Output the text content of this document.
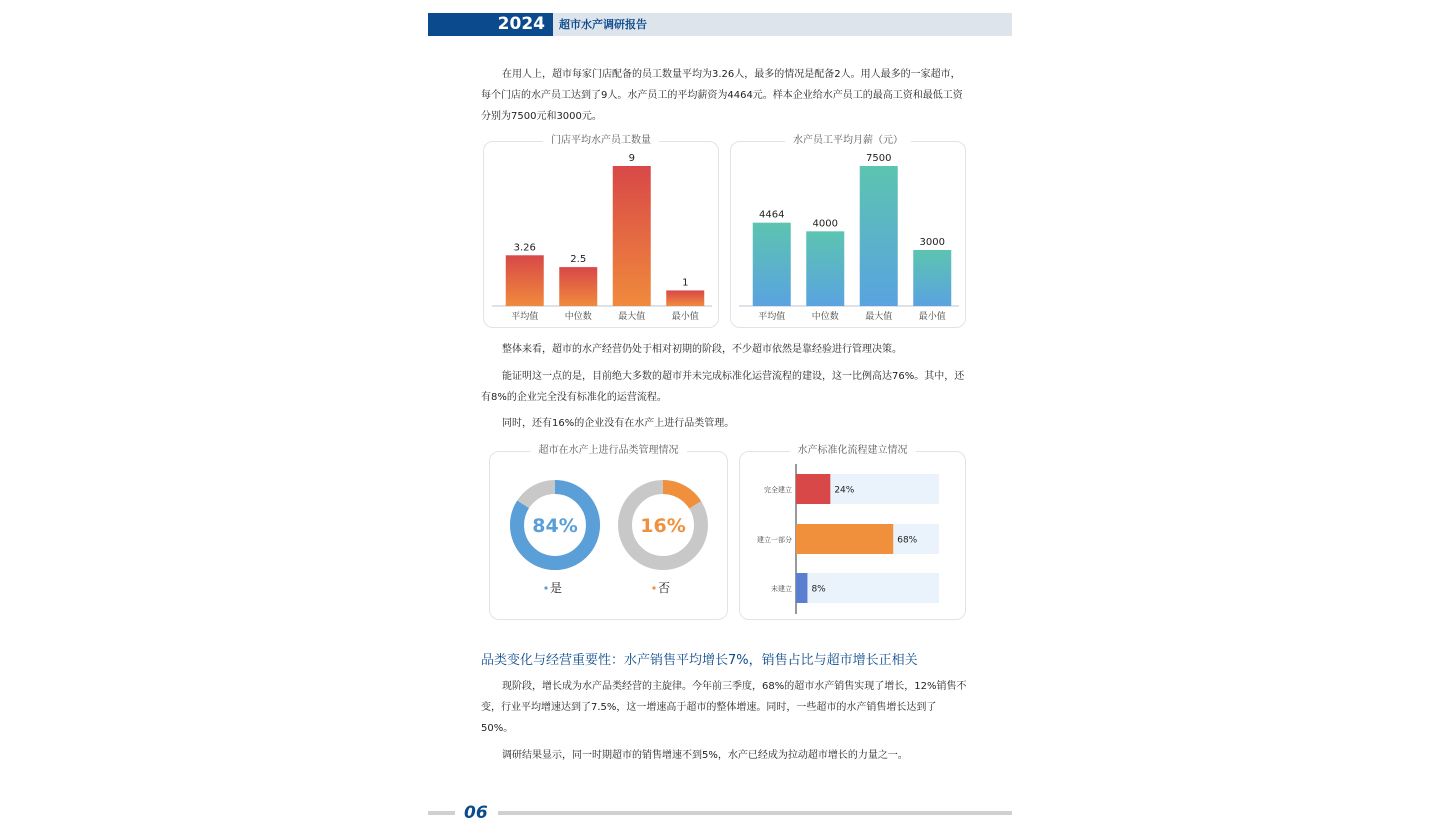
2024	超市水产调研报告

在用人上，超市每家门店配备的员工数量平均为3.26人，最多的情况是配备2人。用人最多的一家超市，每个门店的水产员工达到了9人。水产员工的平均薪资为4464元。样本企业给水产员工的最高工资和最低工资分别为7500元和3000元。

门店平均水产员工数量
3.26
平均值
2.5
中位数
9
最大值
1
最小值
水产员工平均月薪（元）
4464
平均值
4000
中位数
7500
最大值
3000
最小值

整体来看，超市的水产经营仍处于相对初期的阶段，不少超市依然是靠经验进行管理决策。

能证明这一点的是，目前绝大多数的超市并未完成标准化运营流程的建设，这一比例高达76%。其中，还有8%的企业完全没有标准化的运营流程。

同时，还有16%的企业没有在水产上进行品类管理。

超市在水产上进行品类管理情况
84%
是
16%
否
水产标准化流程建立情况
24%
完全建立
68%
建立一部分
8%
未建立
品类变化与经营重要性：水产销售平均增长7%，销售占比与超市增长正相关

现阶段，增长成为水产品类经营的主旋律。今年前三季度，68%的超市水产销售实现了增长，12%销售不变，行业平均增速达到了7.5%，这一增速高于超市的整体增速。同时，一些超市的水产销售增长达到了50%。

调研结果显示，同一时期超市的销售增速不到5%，水产已经成为拉动超市增长的力量之一。

06
